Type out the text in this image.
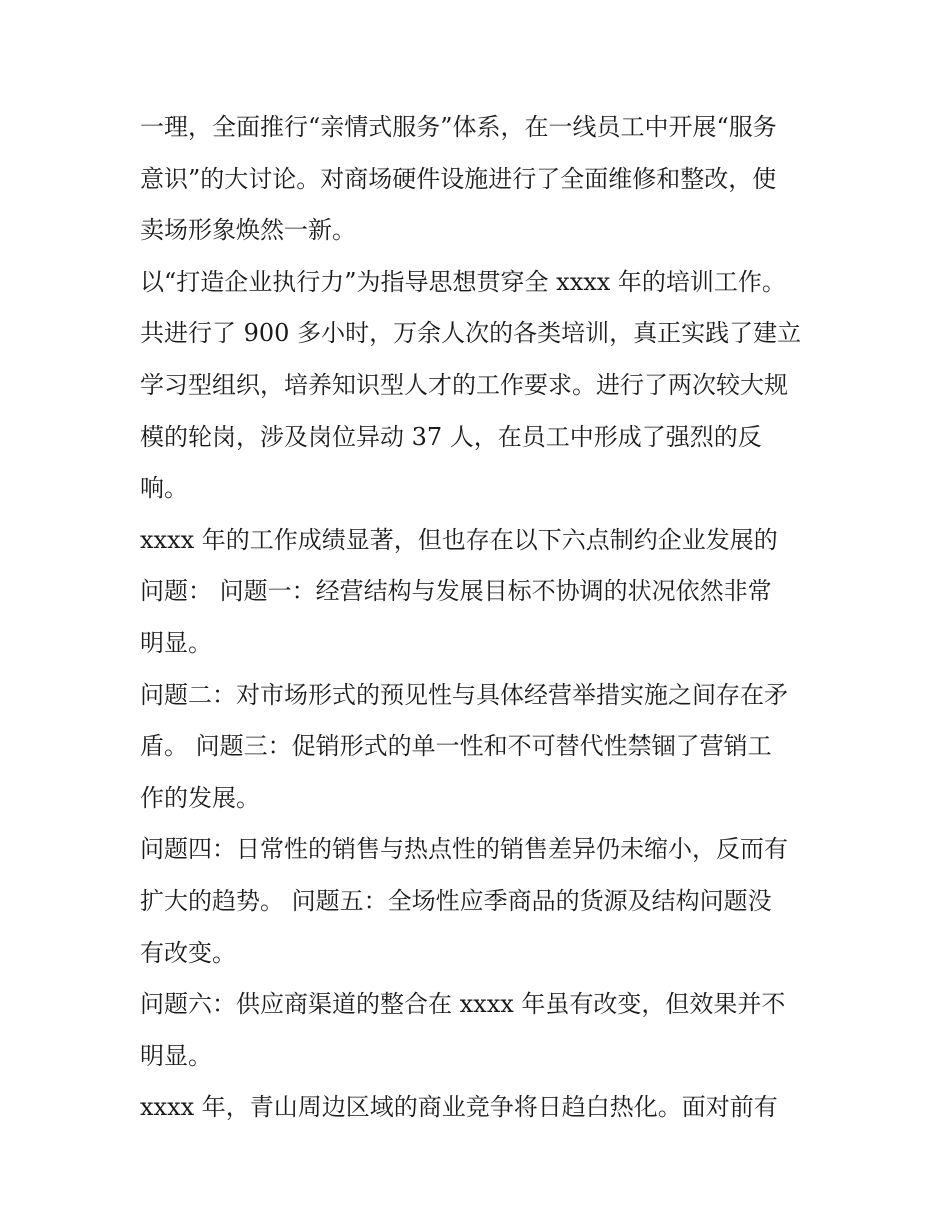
一理，全面推行“亲情式服务”体系，在一线员工中开展“服务
意识”的大讨论。对商场硬件设施进行了全面维修和整改，使
卖场形象焕然一新。
以“打造企业执行力”为指导思想贯穿全 xxxx 年的培训工作。
共进行了 900 多小时，万余人次的各类培训，真正实践了建立
学习型组织，培养知识型人才的工作要求。进行了两次较大规
模的轮岗，涉及岗位异动 37 人，在员工中形成了强烈的反
响。
xxxx 年的工作成绩显著，但也存在以下六点制约企业发展的
问题： 问题一：经营结构与发展目标不协调的状况依然非常
明显。
问题二：对市场形式的预见性与具体经营举措实施之间存在矛
盾。 问题三：促销形式的单一性和不可替代性禁锢了营销工
作的发展。
问题四：日常性的销售与热点性的销售差异仍未缩小，反而有
扩大的趋势。 问题五：全场性应季商品的货源及结构问题没
有改变。
问题六：供应商渠道的整合在 xxxx 年虽有改变，但效果并不
明显。
xxxx 年，青山周边区域的商业竞争将日趋白热化。面对前有
